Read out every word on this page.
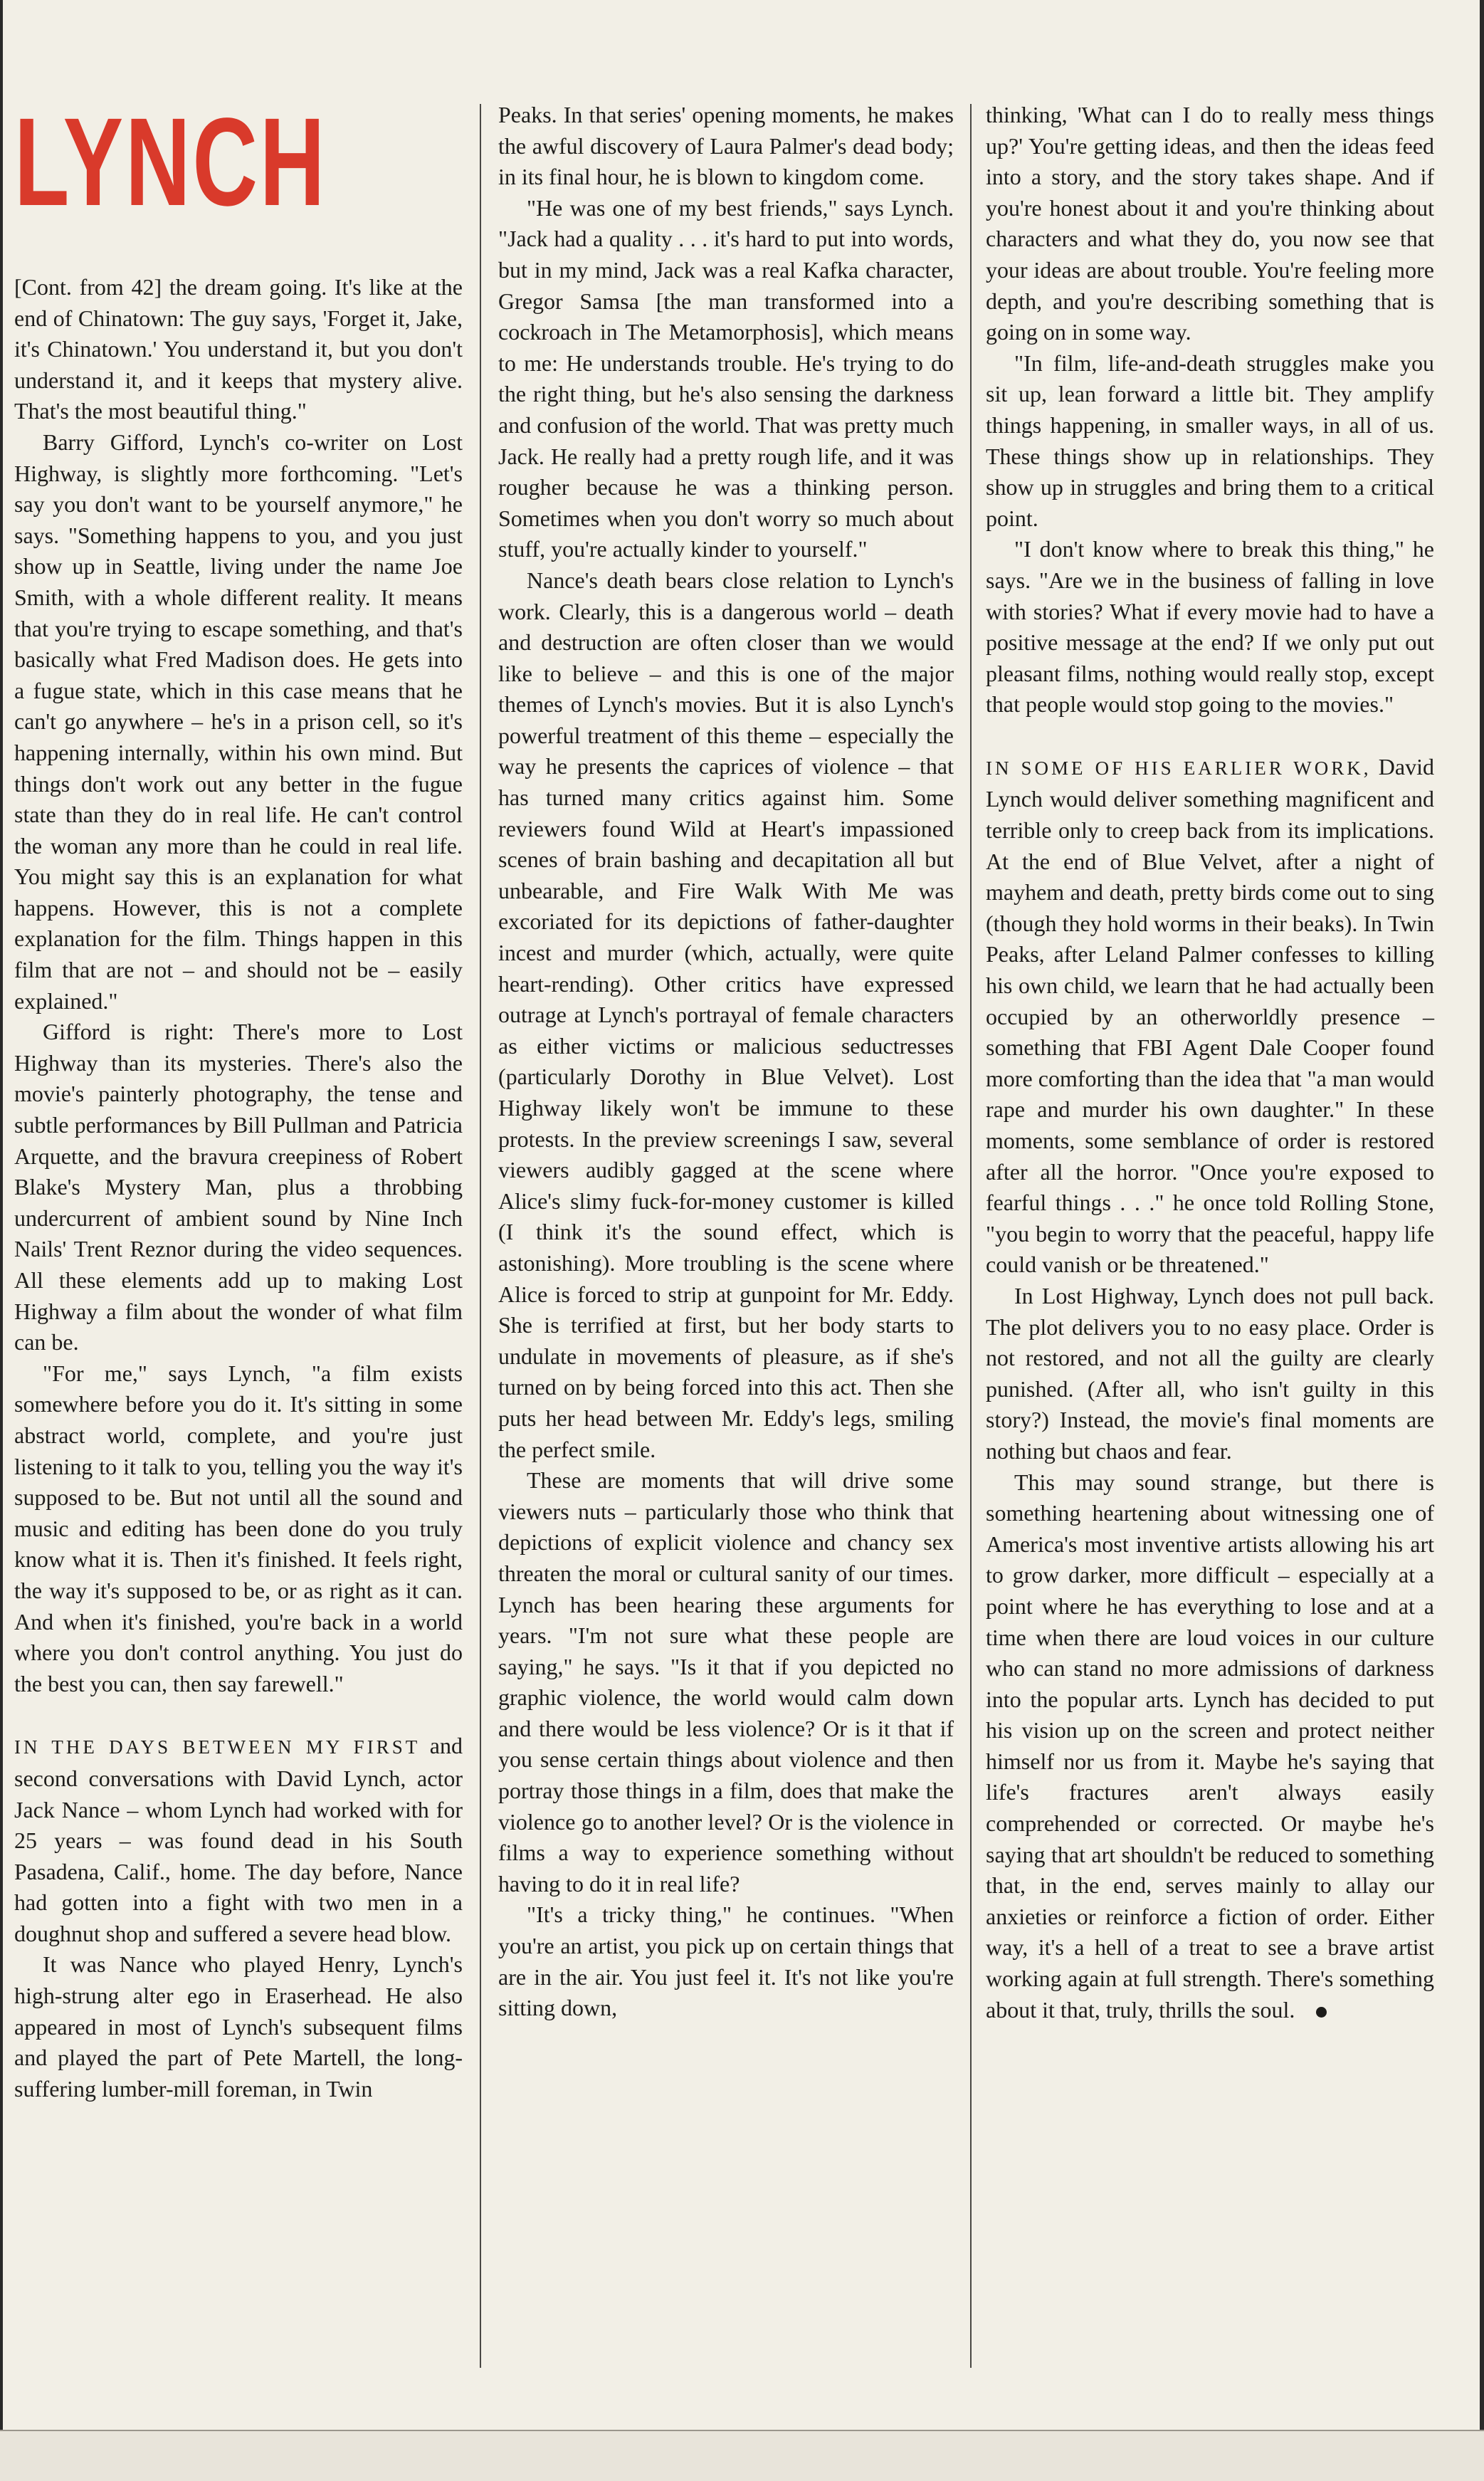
LYNCH

[Cont. from 42] the dream going. It's like at the end of Chinatown: The guy says, 'Forget it, Jake, it's Chinatown.' You understand it, but you don't understand it, and it keeps that mystery alive. That's the most beautiful thing."

Barry Gifford, Lynch's co-writer on Lost Highway, is slightly more forthcoming. "Let's say you don't want to be yourself anymore," he says. "Something happens to you, and you just show up in Seattle, living under the name Joe Smith, with a whole different reality. It means that you're trying to escape something, and that's basically what Fred Madison does. He gets into a fugue state, which in this case means that he can't go anywhere – he's in a prison cell, so it's happening internally, within his own mind. But things don't work out any better in the fugue state than they do in real life. He can't control the woman any more than he could in real life. You might say this is an explanation for what happens. However, this is not a complete explanation for the film. Things happen in this film that are not – and should not be – easily explained."

Gifford is right: There's more to Lost Highway than its mysteries. There's also the movie's painterly photography, the tense and subtle performances by Bill Pullman and Patricia Arquette, and the bravura creepiness of Robert Blake's Mystery Man, plus a throbbing undercurrent of ambient sound by Nine Inch Nails' Trent Reznor during the video sequences. All these elements add up to making Lost Highway a film about the wonder of what film can be.

"For me," says Lynch, "a film exists somewhere before you do it. It's sitting in some abstract world, complete, and you're just listening to it talk to you, telling you the way it's supposed to be. But not until all the sound and music and editing has been done do you truly know what it is. Then it's finished. It feels right, the way it's supposed to be, or as right as it can. And when it's finished, you're back in a world where you don't control anything. You just do the best you can, then say farewell."

IN THE DAYS BETWEEN MY FIRST and second conversations with David Lynch, actor Jack Nance – whom Lynch had worked with for 25 years – was found dead in his South Pasadena, Calif., home. The day before, Nance had gotten into a fight with two men in a doughnut shop and suffered a severe head blow.

It was Nance who played Henry, Lynch's high-strung alter ego in Eraserhead. He also appeared in most of Lynch's subsequent films and played the part of Pete Martell, the long-suffering lumber-mill foreman, in Twin

Peaks. In that series' opening moments, he makes the awful discovery of Laura Palmer's dead body; in its final hour, he is blown to kingdom come.

"He was one of my best friends," says Lynch. "Jack had a quality . . . it's hard to put into words, but in my mind, Jack was a real Kafka character, Gregor Samsa [the man transformed into a cockroach in The Metamorphosis], which means to me: He understands trouble. He's trying to do the right thing, but he's also sensing the darkness and confusion of the world. That was pretty much Jack. He really had a pretty rough life, and it was rougher because he was a thinking person. Sometimes when you don't worry so much about stuff, you're actually kinder to yourself."

Nance's death bears close relation to Lynch's work. Clearly, this is a dangerous world – death and destruction are often closer than we would like to believe – and this is one of the major themes of Lynch's movies. But it is also Lynch's powerful treatment of this theme – especially the way he presents the caprices of violence – that has turned many critics against him. Some reviewers found Wild at Heart's impassioned scenes of brain bashing and decapitation all but unbearable, and Fire Walk With Me was excoriated for its depictions of father-daughter incest and murder (which, actually, were quite heart-rending). Other critics have expressed outrage at Lynch's portrayal of female characters as either victims or malicious seductresses (particularly Dorothy in Blue Velvet). Lost Highway likely won't be immune to these protests. In the preview screenings I saw, several viewers audibly gagged at the scene where Alice's slimy fuck-for-money customer is killed (I think it's the sound effect, which is astonishing). More troubling is the scene where Alice is forced to strip at gunpoint for Mr. Eddy. She is terrified at first, but her body starts to undulate in movements of pleasure, as if she's turned on by being forced into this act. Then she puts her head between Mr. Eddy's legs, smiling the perfect smile.

These are moments that will drive some viewers nuts – particularly those who think that depictions of explicit violence and chancy sex threaten the moral or cultural sanity of our times. Lynch has been hearing these arguments for years. "I'm not sure what these people are saying," he says. "Is it that if you depicted no graphic violence, the world would calm down and there would be less violence? Or is it that if you sense certain things about violence and then portray those things in a film, does that make the violence go to another level? Or is the violence in films a way to experience something without having to do it in real life?

"It's a tricky thing," he continues. "When you're an artist, you pick up on certain things that are in the air. You just feel it. It's not like you're sitting down,

thinking, 'What can I do to really mess things up?' You're getting ideas, and then the ideas feed into a story, and the story takes shape. And if you're honest about it and you're thinking about characters and what they do, you now see that your ideas are about trouble. You're feeling more depth, and you're describing something that is going on in some way.

"In film, life-and-death struggles make you sit up, lean forward a little bit. They amplify things happening, in smaller ways, in all of us. These things show up in relationships. They show up in struggles and bring them to a critical point.

"I don't know where to break this thing," he says. "Are we in the business of falling in love with stories? What if every movie had to have a positive message at the end? If we only put out pleasant films, nothing would really stop, except that people would stop going to the movies."

IN SOME OF HIS EARLIER WORK, David Lynch would deliver something magnificent and terrible only to creep back from its implications. At the end of Blue Velvet, after a night of mayhem and death, pretty birds come out to sing (though they hold worms in their beaks). In Twin Peaks, after Leland Palmer confesses to killing his own child, we learn that he had actually been occupied by an otherworldly presence – something that FBI Agent Dale Cooper found more comforting than the idea that "a man would rape and murder his own daughter." In these moments, some semblance of order is restored after all the horror. "Once you're exposed to fearful things . . ." he once told Rolling Stone, "you begin to worry that the peaceful, happy life could vanish or be threatened."

In Lost Highway, Lynch does not pull back. The plot delivers you to no easy place. Order is not restored, and not all the guilty are clearly punished. (After all, who isn't guilty in this story?) Instead, the movie's final moments are nothing but chaos and fear.

This may sound strange, but there is something heartening about witnessing one of America's most inventive artists allowing his art to grow darker, more difficult – especially at a point where he has everything to lose and at a time when there are loud voices in our culture who can stand no more admissions of darkness into the popular arts. Lynch has decided to put his vision up on the screen and protect neither himself nor us from it. Maybe he's saying that life's fractures aren't always easily comprehended or corrected. Or maybe he's saying that art shouldn't be reduced to something that, in the end, serves mainly to allay our anxieties or reinforce a fiction of order. Either way, it's a hell of a treat to see a brave artist working again at full strength. There's something about it that, truly, thrills the soul.
